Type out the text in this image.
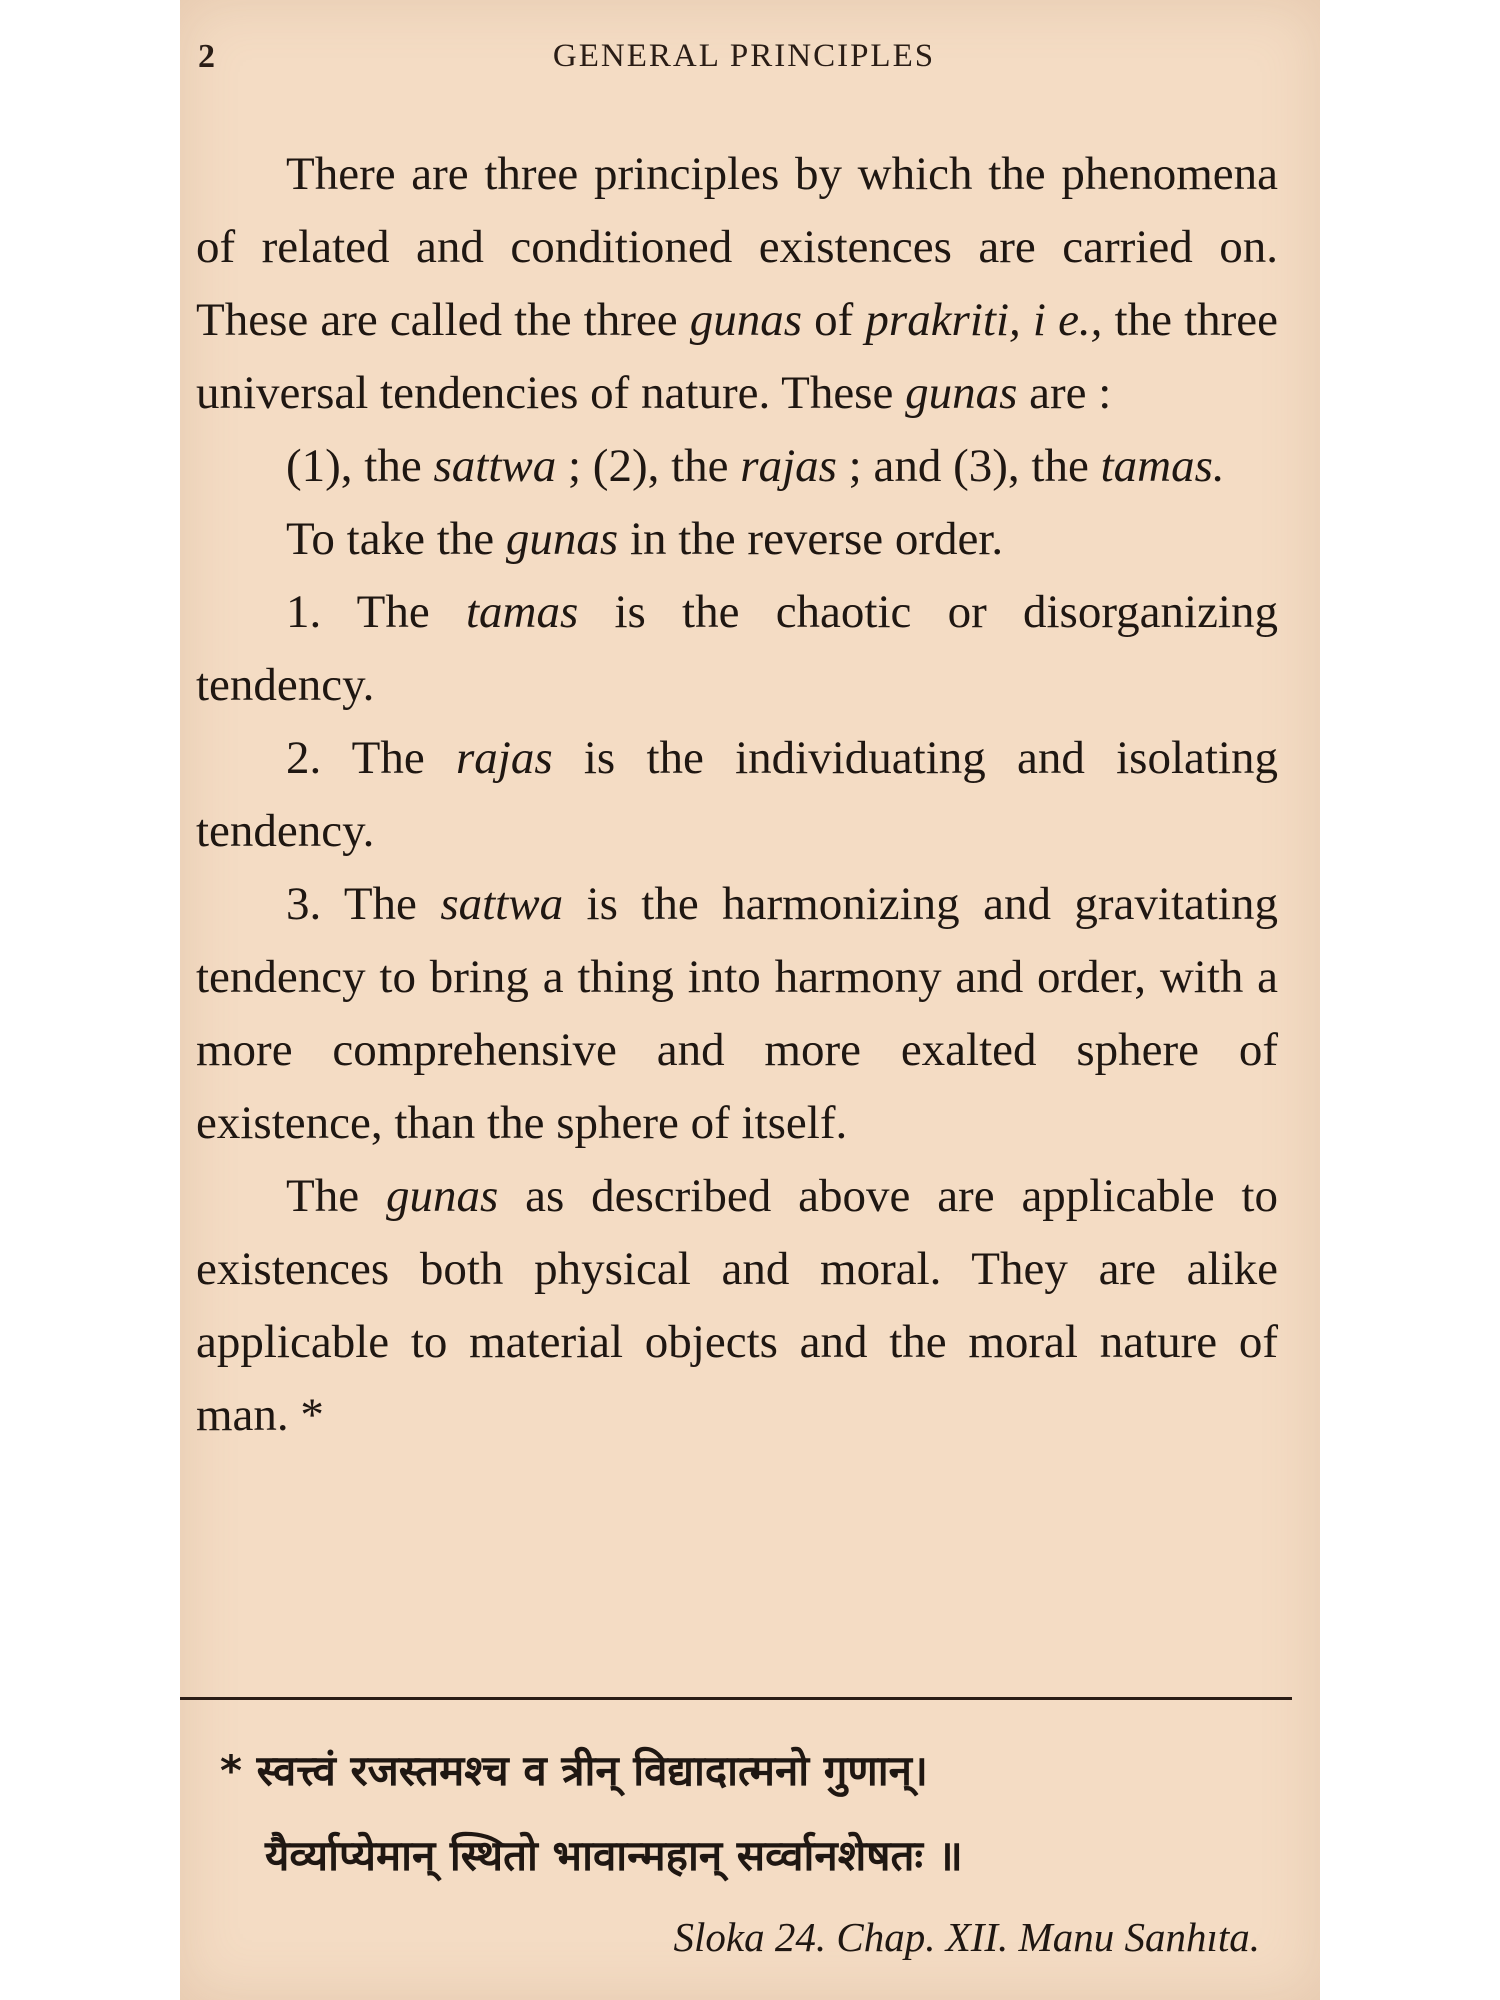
2	GENERAL PRINCIPLES

There are three principles by which the phenomena of related and conditioned existences are carried on. These are called the three gunas of prakriti, i e., the three universal tendencies of nature. These gunas are :

(1), the sattwa ; (2), the rajas ; and (3), the tamas.

To take the gunas in the reverse order.

1. The tamas is the chaotic or disorganizing tendency.

2. The rajas is the individuating and isolating tendency.

3. The sattwa is the harmonizing and gravitating tendency to bring a thing into harmony and order, with a more comprehensive and more exalted sphere of existence, than the sphere of itself.

The gunas as described above are applicable to existences both physical and moral. They are alike applicable to material objects and the moral nature of man. *

* स्वत्त्वं रजस्तमश्च व त्रीन् विद्यादात्मनो गुणान्।
यैर्व्याप्येमान् स्थितो भावान्महान् सर्व्वानशेषतः ॥
Sloka 24. Chap. XII. Manu Sanhıta.
